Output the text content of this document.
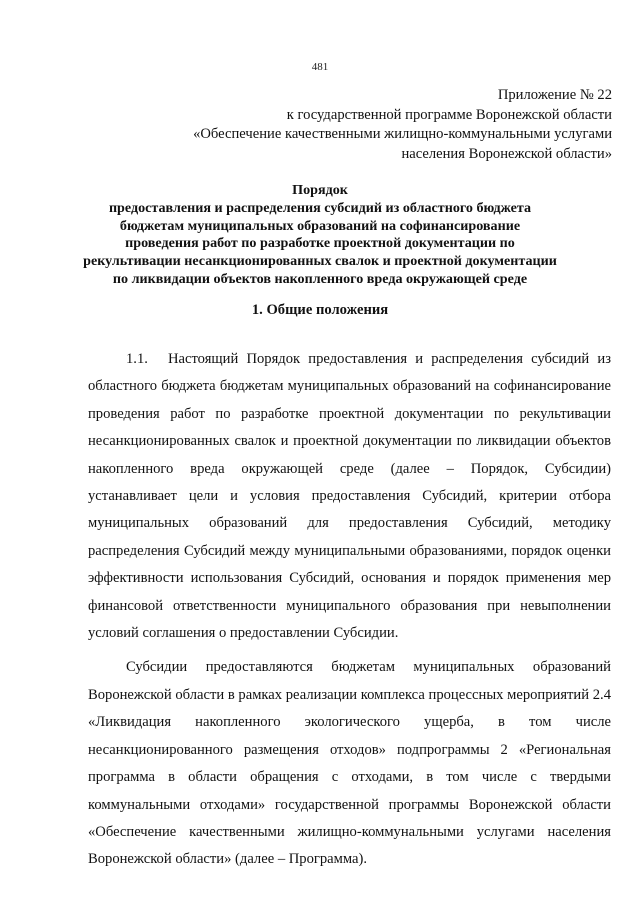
481
Приложение № 22
к государственной программе Воронежской области
«Обеспечение качественными жилищно-коммунальными услугами
населения Воронежской области»
Порядок
предоставления и распределения субсидий из областного бюджета
бюджетам муниципальных образований на софинансирование
проведения работ по разработке проектной документации по
рекультивации несанкционированных свалок и проектной документации
по ликвидации объектов накопленного вреда окружающей среде
1. Общие положения

1.1. Настоящий Порядок предоставления и распределения субсидий из областного бюджета бюджетам муниципальных образований на софинансирование проведения работ по разработке проектной документации по рекультивации несанкционированных свалок и проектной документации по ликвидации объектов накопленного вреда окружающей среде (далее – Порядок, Субсидии) устанавливает цели и условия предоставления Субсидий, критерии отбора муниципальных образований для предоставления Субсидий, методику распределения Субсидий между муниципальными образованиями, порядок оценки эффективности использования Субсидий, основания и порядок применения мер финансовой ответственности муниципального образования при невыполнении условий соглашения о предоставлении Субсидии.

Субсидии предоставляются бюджетам муниципальных образований Воронежской области в рамках реализации комплекса процессных мероприятий 2.4 «Ликвидация накопленного экологического ущерба, в том числе несанкционированного размещения отходов» подпрограммы 2 «Региональная программа в области обращения с отходами, в том числе с твердыми коммунальными отходами» государственной программы Воронежской области «Обеспечение качественными жилищно-коммунальными услугами населения Воронежской области» (далее – Программа).
